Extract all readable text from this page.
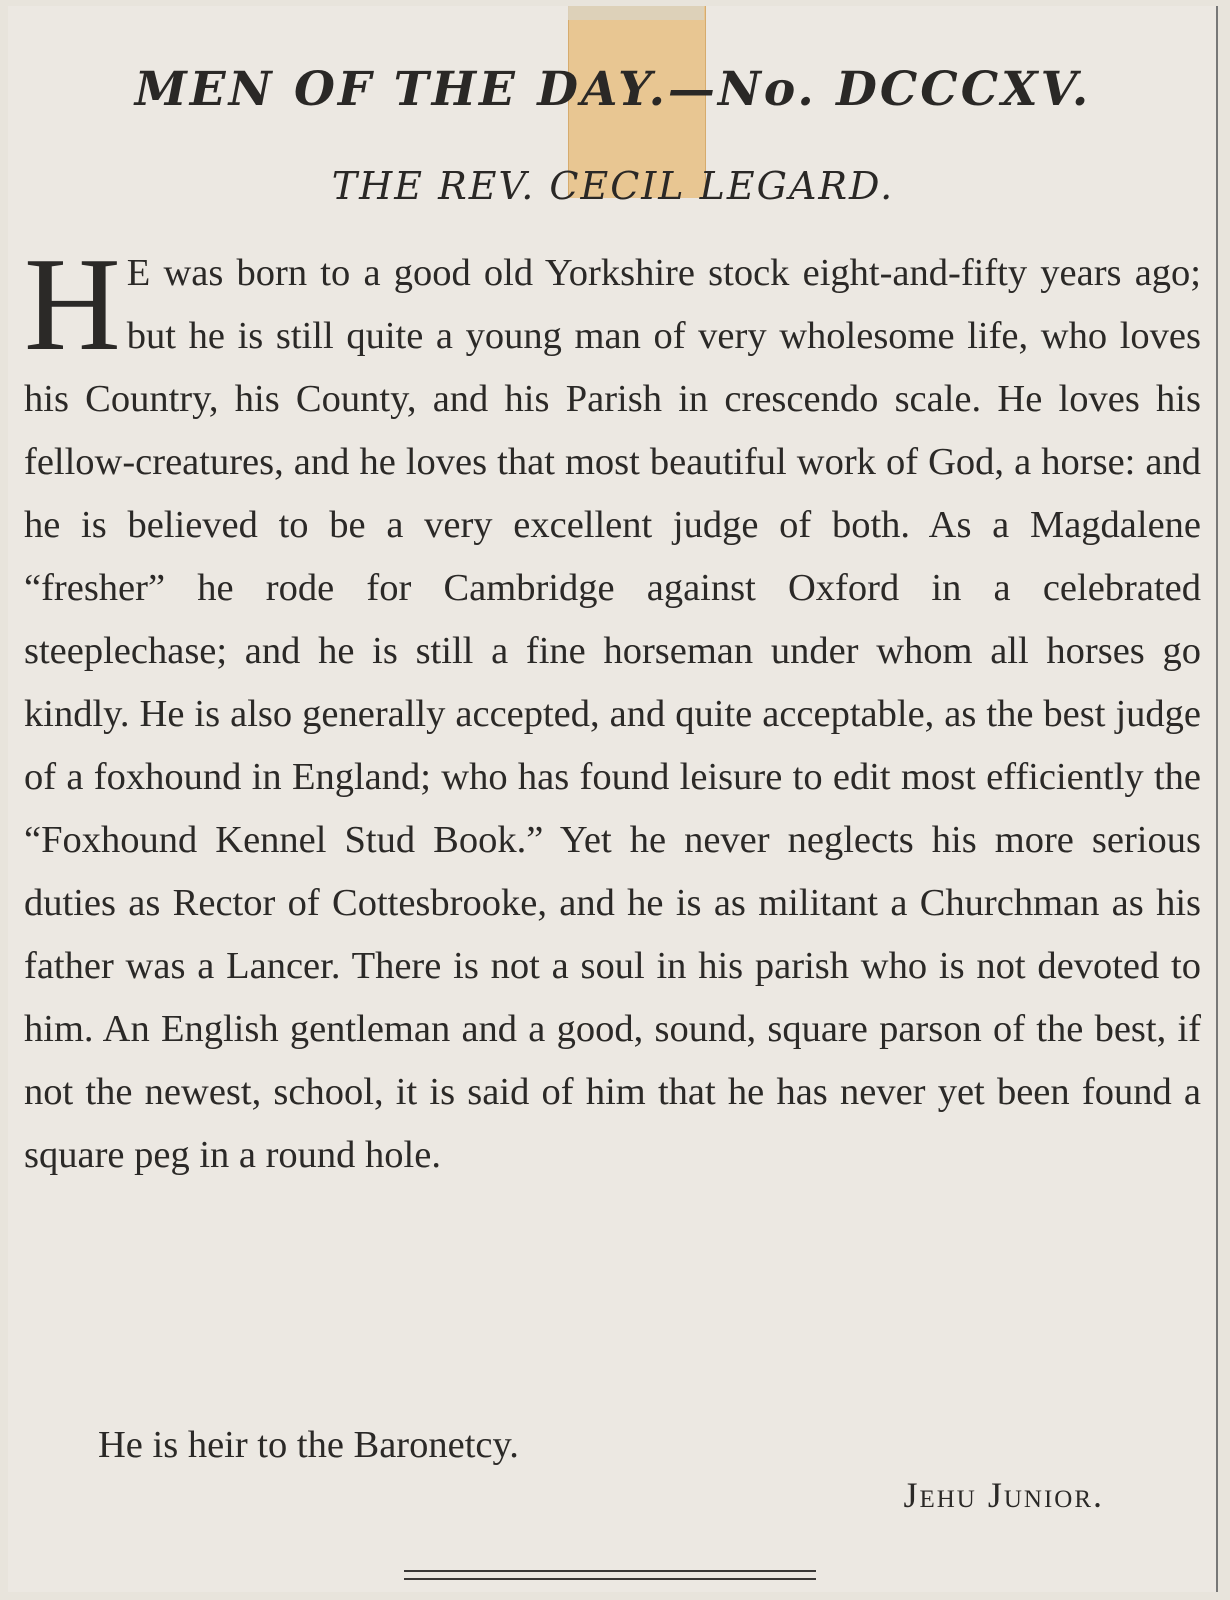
MEN OF THE DAY.—No. DCCCXV.
THE REV. CECIL LEGARD.

H E was born to a good old Yorkshire stock eight-and-fifty years ago; but he is still quite a young man of very wholesome life, who loves his Country, his County, and his Parish in crescendo scale. He loves his fellow-creatures, and he loves that most beautiful work of God, a horse: and he is believed to be a very excellent judge of both. As a Magdalene “fresher” he rode for Cambridge against Oxford in a celebrated steeplechase; and he is still a fine horseman under whom all horses go kindly. He is also generally accepted, and quite acceptable, as the best judge of a foxhound in England; who has found leisure to edit most efficiently the “Foxhound Kennel Stud Book.” Yet he never neglects his more serious duties as Rector of Cottesbrooke, and he is as militant a Churchman as his father was a Lancer. There is not a soul in his parish who is not devoted to him. An English gentleman and a good, sound, square parson of the best, if not the newest, school, it is said of him that he has never yet been found a square peg in a round hole.

He is heir to the Baronetcy.

Jehu Junior.
